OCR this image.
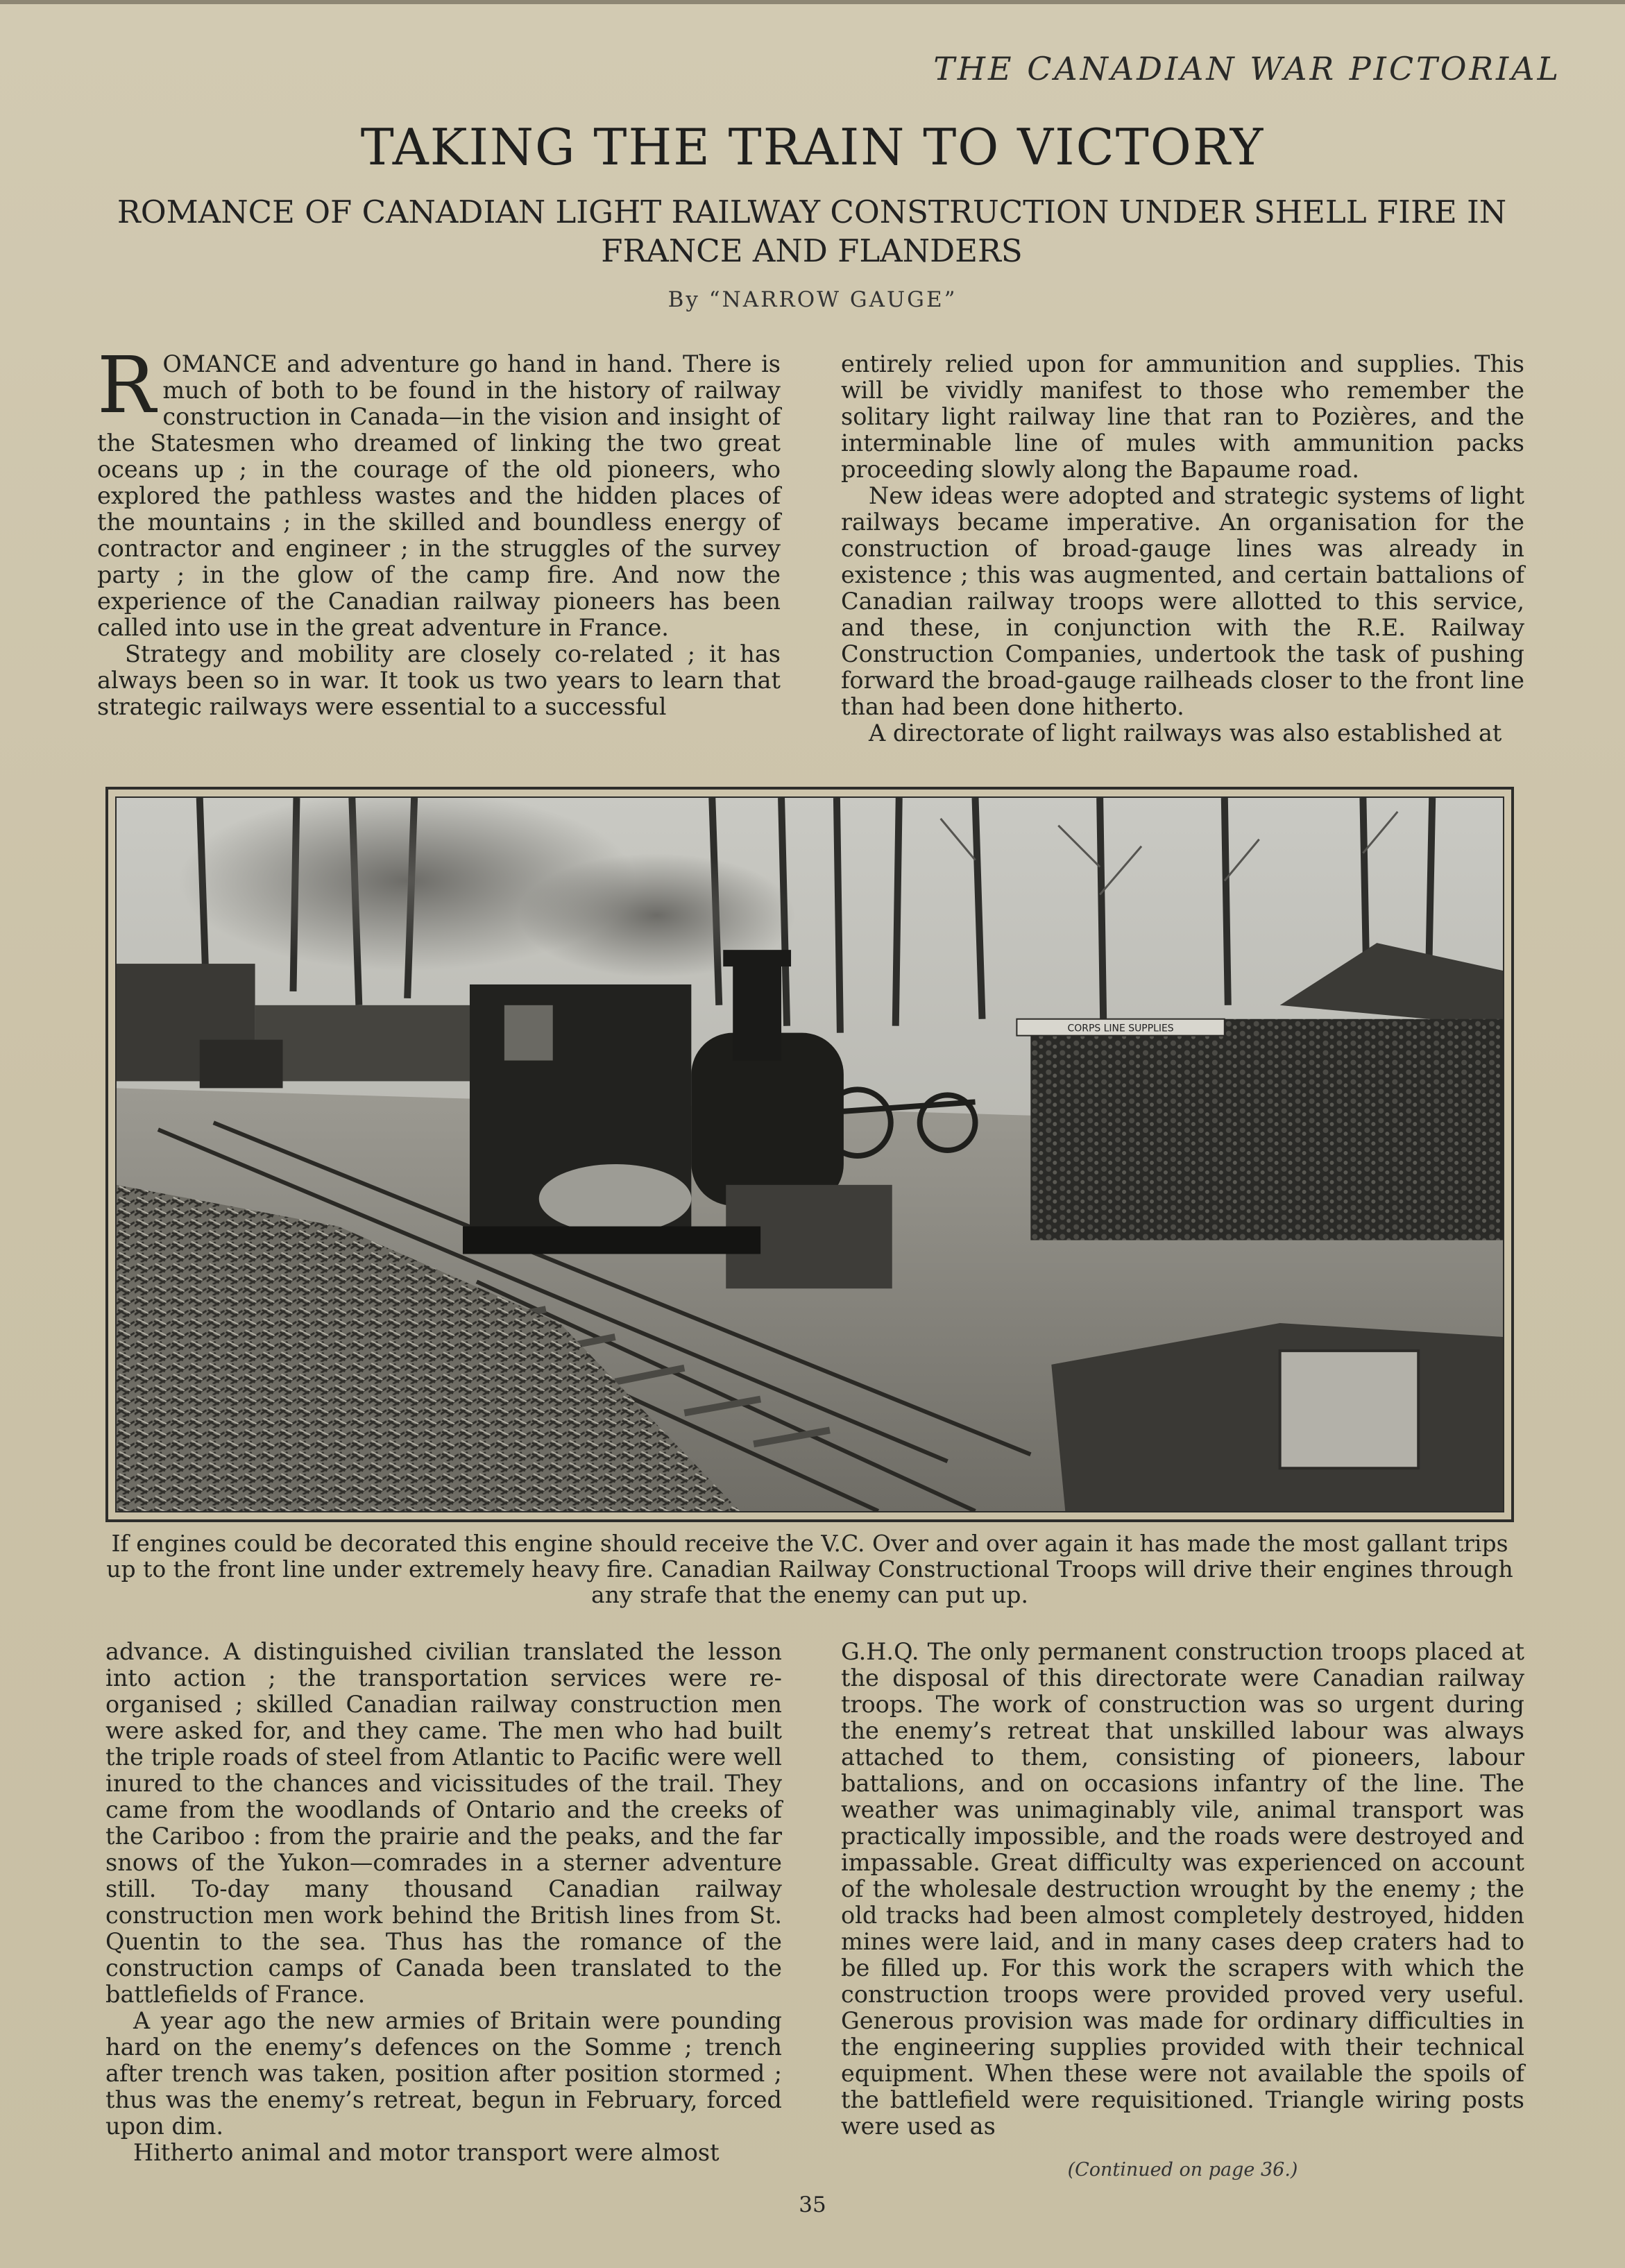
THE CANADIAN WAR PICTORIAL
TAKING THE TRAIN TO VICTORY
ROMANCE OF CANADIAN LIGHT RAILWAY CONSTRUCTION UNDER SHELL FIRE IN FRANCE AND FLANDERS
By “NARROW GAUGE”

ROMANCE and adventure go hand in hand. There is much of both to be found in the history of railway construction in Canada—in the vision and insight of the Statesmen who dreamed of linking the two great oceans up ; in the courage of the old pioneers, who explored the pathless wastes and the hidden places of the mountains ; in the skilled and boundless energy of contractor and engineer ; in the struggles of the survey party ; in the glow of the camp fire. And now the experience of the Canadian railway pioneers has been called into use in the great adventure in France.

Strategy and mobility are closely co-related ; it has always been so in war. It took us two years to learn that strategic railways were essential to a successful

entirely relied upon for ammunition and supplies. This will be vividly manifest to those who remember the solitary light railway line that ran to Pozières, and the interminable line of mules with ammunition packs proceeding slowly along the Bapaume road.

New ideas were adopted and strategic systems of light railways became imperative. An organisation for the construction of broad-gauge lines was already in existence ; this was augmented, and certain battalions of Canadian railway troops were allotted to this service, and these, in conjunction with the R.E. Railway Construction Companies, undertook the task of pushing forward the broad-gauge railheads closer to the front line than had been done hitherto.

A directorate of light railways was also established at

CORPS LINE SUPPLIES
If engines could be decorated this engine should receive the V.C. Over and over again it has made the most gallant trips up to the front line under extremely heavy fire. Canadian Railway Constructional Troops will drive their engines through any strafe that the enemy can put up.

advance. A distinguished civilian translated the lesson into action ; the transportation services were re-organised ; skilled Canadian railway construction men were asked for, and they came. The men who had built the triple roads of steel from Atlantic to Pacific were well inured to the chances and vicissitudes of the trail. They came from the woodlands of Ontario and the creeks of the Cariboo : from the prairie and the peaks, and the far snows of the Yukon—comrades in a sterner adventure still. To-day many thousand Canadian railway construction men work behind the British lines from St. Quentin to the sea. Thus has the romance of the construction camps of Canada been translated to the battlefields of France.

A year ago the new armies of Britain were pounding hard on the enemy’s defences on the Somme ; trench after trench was taken, position after position stormed ; thus was the enemy’s retreat, begun in February, forced upon dim.

Hitherto animal and motor transport were almost

G.H.Q. The only permanent construction troops placed at the disposal of this directorate were Canadian railway troops. The work of construction was so urgent during the enemy’s retreat that unskilled labour was always attached to them, consisting of pioneers, labour battalions, and on occasions infantry of the line. The weather was unimaginably vile, animal transport was practically impossible, and the roads were destroyed and impassable. Great difficulty was experienced on account of the wholesale destruction wrought by the enemy ; the old tracks had been almost completely destroyed, hidden mines were laid, and in many cases deep craters had to be filled up. For this work the scrapers with which the construction troops were provided proved very useful. Generous provision was made for ordinary difficulties in the engineering supplies provided with their technical equipment. When these were not available the spoils of the battlefield were requisitioned. Triangle wiring posts were used as

(Continued on page 36.)
35
